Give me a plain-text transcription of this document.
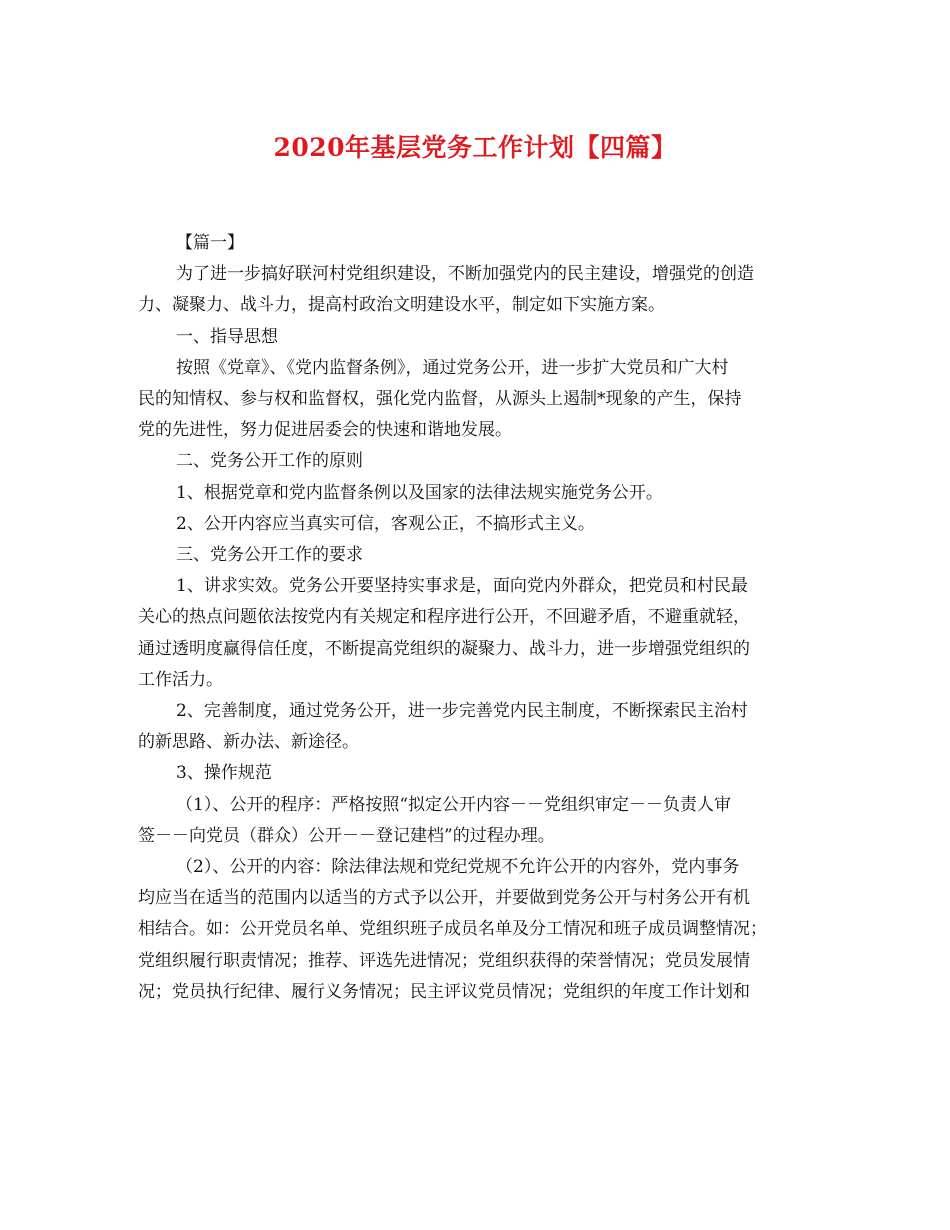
2020年基层党务工作计划【四篇】

【篇一】

为了进一步搞好联河村党组织建设，不断加强党内的民主建设，增强党的创造

力、凝聚力、战斗力，提高村政治文明建设水平，制定如下实施方案。

一、指导思想

按照《党章》、《党内监督条例》，通过党务公开，进一步扩大党员和广大村

民的知情权、参与权和监督权，强化党内监督，从源头上遏制*现象的产生，保持

党的先进性，努力促进居委会的快速和谐地发展。

二、党务公开工作的原则

1、根据党章和党内监督条例以及国家的法律法规实施党务公开。

2、公开内容应当真实可信，客观公正，不搞形式主义。

三、党务公开工作的要求

1、讲求实效。党务公开要坚持实事求是，面向党内外群众，把党员和村民最

关心的热点问题依法按党内有关规定和程序进行公开，不回避矛盾，不避重就轻，

通过透明度赢得信任度，不断提高党组织的凝聚力、战斗力，进一步增强党组织的

工作活力。

2、完善制度，通过党务公开，进一步完善党内民主制度，不断探索民主治村

的新思路、新办法、新途径。

3、操作规范

（1）、公开的程序：严格按照“拟定公开内容－－党组织审定－－负责人审

签－－向党员（群众）公开－－登记建档”的过程办理。

（2）、公开的内容：除法律法规和党纪党规不允许公开的内容外，党内事务

均应当在适当的范围内以适当的方式予以公开，并要做到党务公开与村务公开有机

相结合。如：公开党员名单、党组织班子成员名单及分工情况和班子成员调整情况；

党组织履行职责情况；推荐、评选先进情况；党组织获得的荣誉情况；党员发展情

况；党员执行纪律、履行义务情况；民主评议党员情况；党组织的年度工作计划和
